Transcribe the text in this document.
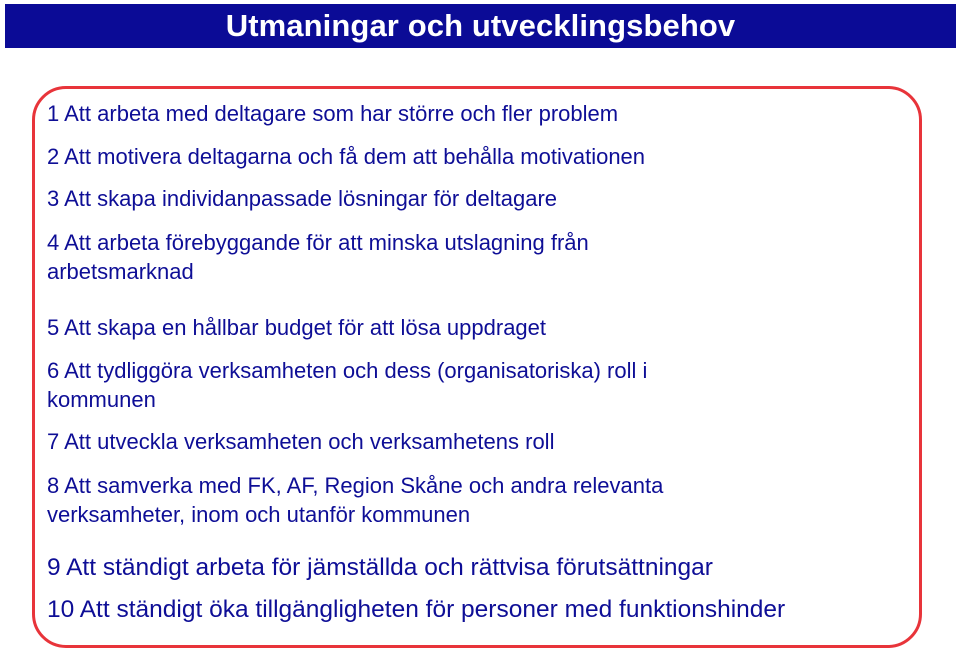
Utmaningar och utvecklingsbehov

1 Att arbeta med deltagare som har större och fler problem

2 Att motivera deltagarna och få dem att behålla motivationen

3 Att skapa individanpassade lösningar för deltagare

4 Att arbeta förebyggande för att minska utslagning från
arbetsmarknad

5 Att skapa en hållbar budget för att lösa uppdraget

6 Att tydliggöra verksamheten och dess (organisatoriska) roll i
kommunen

7 Att utveckla verksamheten och verksamhetens roll

8 Att samverka med FK, AF, Region Skåne och andra relevanta
verksamheter, inom och utanför kommunen

9 Att ständigt arbeta för jämställda och rättvisa förutsättningar

10 Att ständigt öka tillgängligheten för personer med funktionshinder
